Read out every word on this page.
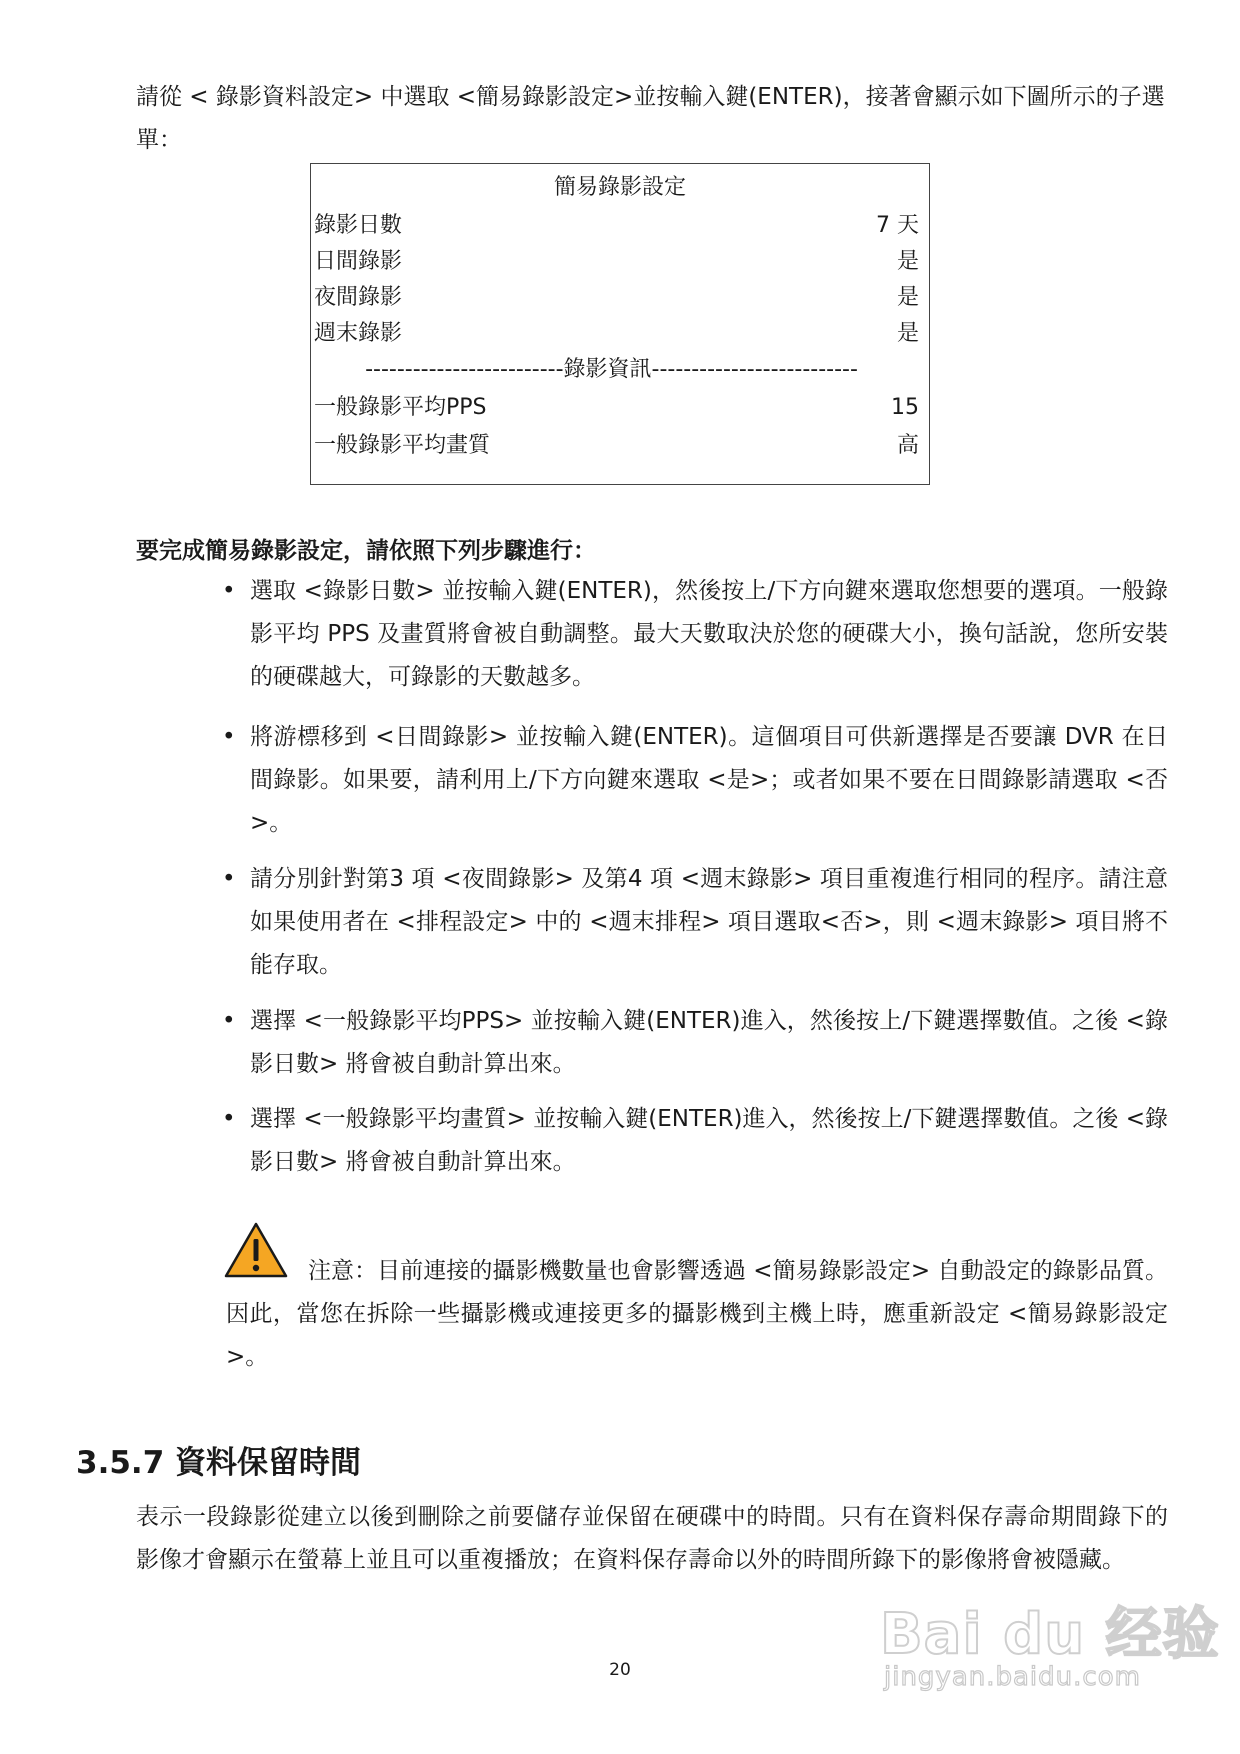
請從 < 錄影資料設定> 中選取 <簡易錄影設定>並按輸入鍵(ENTER)，接著會顯示如下圖所示的子選單：
簡易錄影設定
錄影日數	7 天
日間錄影	是
夜間錄影	是
週末錄影	是
-------------------------錄影資訊--------------------------
一般錄影平均PPS	15
一般錄影平均畫質	高
要完成簡易錄影設定，請依照下列步驟進行：
• 選取 <錄影日數> 並按輸入鍵(ENTER)，然後按上/下方向鍵來選取您想要的選項。一般錄 影平均 PPS 及畫質將會被自動調整。最大天數取決於您的硬碟大小，換句話說，您所安裝的硬碟越大，可錄影的天數越多。
• 將游標移到 <日間錄影> 並按輸入鍵(ENTER)。這個項目可供新選擇是否要讓 DVR 在日間錄影。如果要，請利用上/下方向鍵來選取 <是>；或者如果不要在日間錄影請選取 <否>。
• 請分別針對第3 項 <夜間錄影> 及第4 項 <週末錄影> 項目重複進行相同的程序。請注意如果使用者在 <排程設定> 中的 <週末排程> 項目選取<否>，則 <週末錄影> 項目將不能存取。
• 選擇 <一般錄影平均PPS> 並按輸入鍵(ENTER)進入，然後按上/下鍵選擇數值。之後 <錄影日數> 將會被自動計算出來。
• 選擇 <一般錄影平均畫質> 並按輸入鍵(ENTER)進入，然後按上/下鍵選擇數值。之後 <錄影日數> 將會被自動計算出來。
注意：目前連接的攝影機數量也會影響透過 <簡易錄影設定> 自動設定的錄影品質。因此，當您在拆除一些攝影機或連接更多的攝影機到主機上時，應重新設定 <簡易錄影設定>。
3.5.7 資料保留時間
表示一段錄影從建立以後到刪除之前要儲存並保留在硬碟中的時間。只有在資料保存壽命期間錄下的影像才會顯示在螢幕上並且可以重複播放；在資料保存壽命以外的時間所錄下的影像將會被隱藏。
20
Bai du 经验
jingyan.baidu.com
